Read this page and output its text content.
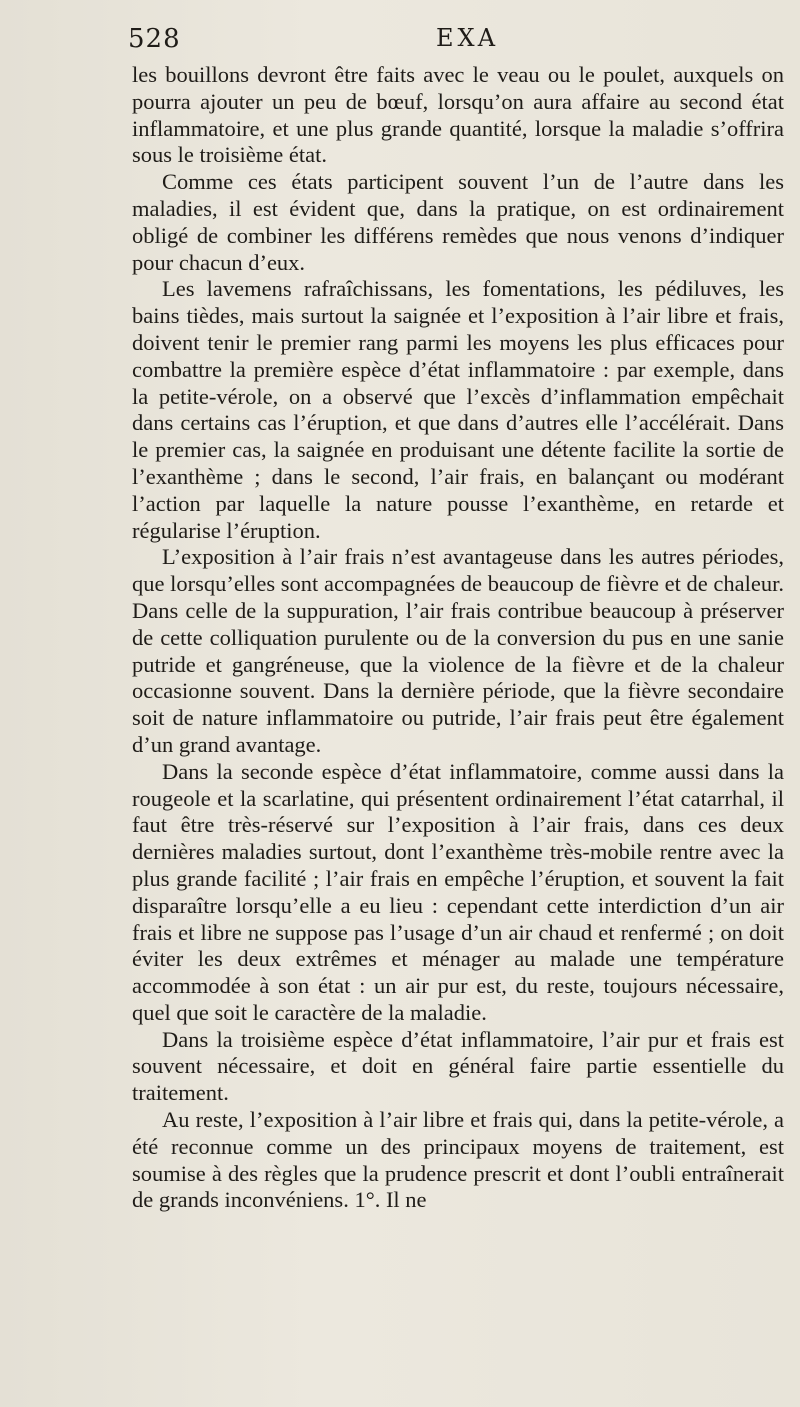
528	EXA

les bouillons devront être faits avec le veau ou le poulet, auxquels on pourra ajouter un peu de bœuf, lorsqu’on aura affaire au second état inflammatoire, et une plus grande quantité, lorsque la maladie s’offrira sous le troisième état.

Comme ces états participent souvent l’un de l’autre dans les maladies, il est évident que, dans la pratique, on est ordinairement obligé de combiner les différens remèdes que nous venons d’indiquer pour chacun d’eux.

Les lavemens rafraîchissans, les fomentations, les pédiluves, les bains tièdes, mais surtout la saignée et l’exposition à l’air libre et frais, doivent tenir le premier rang parmi les moyens les plus efficaces pour combattre la première espèce d’état inflammatoire : par exemple, dans la petite-vérole, on a observé que l’excès d’inflammation empêchait dans certains cas l’éruption, et que dans d’autres elle l’accélérait. Dans le premier cas, la saignée en produisant une détente facilite la sortie de l’exanthème ; dans le second, l’air frais, en balançant ou modérant l’action par laquelle la nature pousse l’exanthème, en retarde et régularise l’éruption.

L’exposition à l’air frais n’est avantageuse dans les autres périodes, que lorsqu’elles sont accompagnées de beaucoup de fièvre et de chaleur. Dans celle de la suppuration, l’air frais contribue beaucoup à préserver de cette colliquation purulente ou de la conversion du pus en une sanie putride et gangréneuse, que la violence de la fièvre et de la chaleur occasionne souvent. Dans la dernière période, que la fièvre secondaire soit de nature inflammatoire ou putride, l’air frais peut être également d’un grand avantage.

Dans la seconde espèce d’état inflammatoire, comme aussi dans la rougeole et la scarlatine, qui présentent ordinairement l’état catarrhal, il faut être très-réservé sur l’exposition à l’air frais, dans ces deux dernières maladies surtout, dont l’exanthème très-mobile rentre avec la plus grande facilité ; l’air frais en empêche l’éruption, et souvent la fait disparaître lorsqu’elle a eu lieu : cependant cette interdiction d’un air frais et libre ne suppose pas l’usage d’un air chaud et renfermé ; on doit éviter les deux extrêmes et ménager au malade une température accommodée à son état : un air pur est, du reste, toujours nécessaire, quel que soit le caractère de la maladie.

Dans la troisième espèce d’état inflammatoire, l’air pur et frais est souvent nécessaire, et doit en général faire partie essentielle du traitement.

Au reste, l’exposition à l’air libre et frais qui, dans la petite-vérole, a été reconnue comme un des principaux moyens de traitement, est soumise à des règles que la prudence prescrit et dont l’oubli entraînerait de grands inconvéniens. 1°. Il ne
